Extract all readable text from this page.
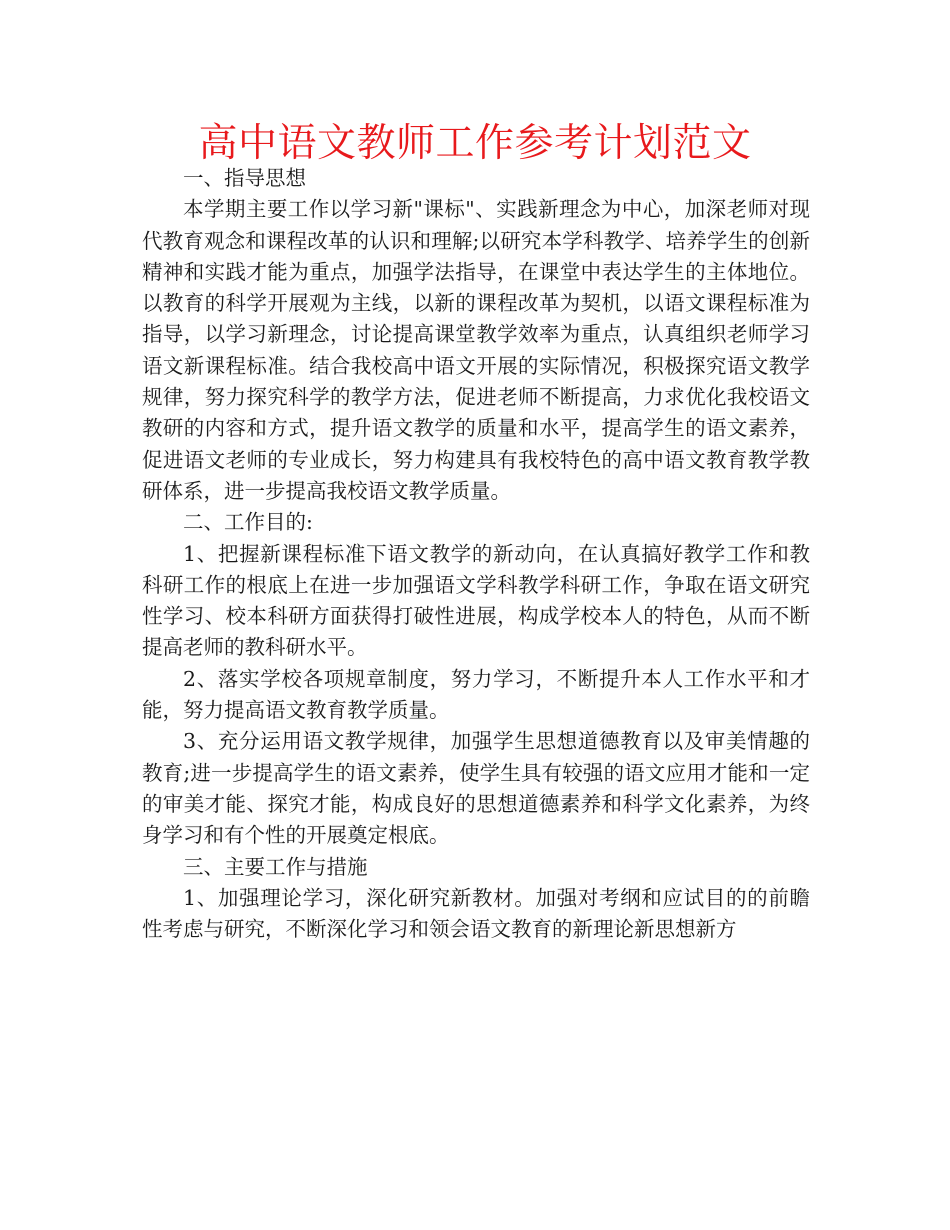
高中语文教师工作参考计划范文

一、指导思想

本学期主要工作以学习新"课标"、实践新理念为中心，加深老师对现代教育观念和课程改革的认识和理解;以研究本学科教学、培养学生的创新精神和实践才能为重点，加强学法指导，在课堂中表达学生的主体地位。以教育的科学开展观为主线，以新的课程改革为契机，以语文课程标准为指导，以学习新理念，讨论提高课堂教学效率为重点，认真组织老师学习语文新课程标准。结合我校高中语文开展的实际情况，积极探究语文教学规律，努力探究科学的教学方法，促进老师不断提高，力求优化我校语文教研的内容和方式，提升语文教学的质量和水平，提高学生的语文素养，促进语文老师的专业成长，努力构建具有我校特色的高中语文教育教学教研体系，进一步提高我校语文教学质量。

二、工作目的:

1、把握新课程标准下语文教学的新动向，在认真搞好教学工作和教科研工作的根底上在进一步加强语文学科教学科研工作，争取在语文研究性学习、校本科研方面获得打破性进展，构成学校本人的特色，从而不断提高老师的教科研水平。

2、落实学校各项规章制度，努力学习，不断提升本人工作水平和才能，努力提高语文教育教学质量。

3、充分运用语文教学规律，加强学生思想道德教育以及审美情趣的教育;进一步提高学生的语文素养，使学生具有较强的语文应用才能和一定的审美才能、探究才能，构成良好的思想道德素养和科学文化素养，为终身学习和有个性的开展奠定根底。

三、主要工作与措施

1、加强理论学习，深化研究新教材。加强对考纲和应试目的的前瞻性考虑与研究，不断深化学习和领会语文教育的新理论新思想新方
